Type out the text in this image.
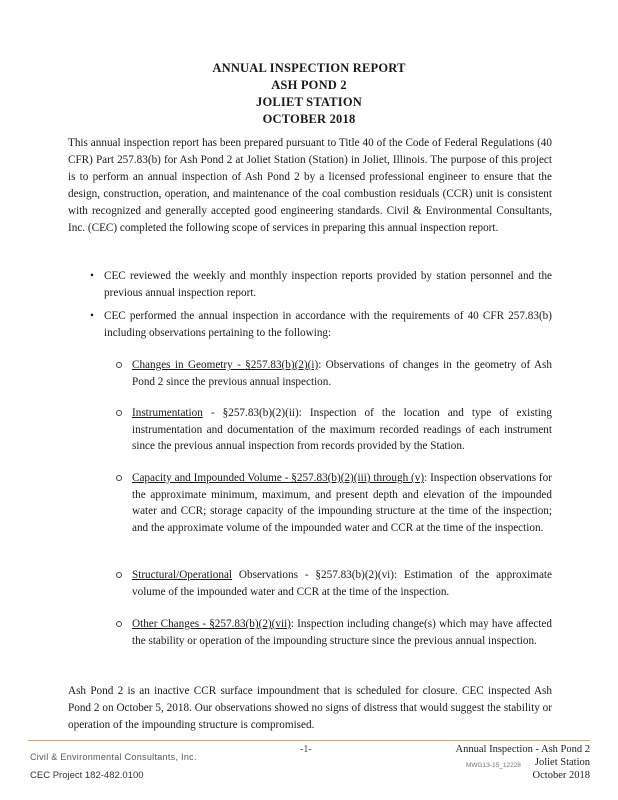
ANNUAL INSPECTION REPORT
ASH POND 2
JOLIET STATION
OCTOBER 2018

This annual inspection report has been prepared pursuant to Title 40 of the Code of Federal Regulations (40 CFR) Part 257.83(b) for Ash Pond 2 at Joliet Station (Station) in Joliet, Illinois. The purpose of this project is to perform an annual inspection of Ash Pond 2 by a licensed professional engineer to ensure that the design, construction, operation, and maintenance of the coal combustion residuals (CCR) unit is consistent with recognized and generally accepted good engineering standards. Civil & Environmental Consultants, Inc. (CEC) completed the following scope of services in preparing this annual inspection report.

• CEC reviewed the weekly and monthly inspection reports provided by station personnel and the previous annual inspection report.
• CEC performed the annual inspection in accordance with the requirements of 40 CFR 257.83(b) including observations pertaining to the following:
Changes in Geometry - §257.83(b)(2)(i): Observations of changes in the geometry of Ash Pond 2 since the previous annual inspection.
Instrumentation - §257.83(b)(2)(ii): Inspection of the location and type of existing instrumentation and documentation of the maximum recorded readings of each instrument since the previous annual inspection from records provided by the Station.
Capacity and Impounded Volume - §257.83(b)(2)(iii) through (v): Inspection observations for the approximate minimum, maximum, and present depth and elevation of the impounded water and CCR; storage capacity of the impounding structure at the time of the inspection; and the approximate volume of the impounded water and CCR at the time of the inspection.
Structural/Operational Observations - §257.83(b)(2)(vi): Estimation of the approximate volume of the impounded water and CCR at the time of the inspection.
Other Changes - §257.83(b)(2)(vii): Inspection including change(s) which may have affected the stability or operation of the impounding structure since the previous annual inspection.

Ash Pond 2 is an inactive CCR surface impoundment that is scheduled for closure. CEC inspected Ash Pond 2 on October 5, 2018. Our observations showed no signs of distress that would suggest the stability or operation of the impounding structure is compromised.

Civil & Environmental Consultants, Inc.
CEC Project 182-482.0100
-1-	Annual Inspection - Ash Pond 2
Joliet Station
October 2018
MWG13-15_12228
